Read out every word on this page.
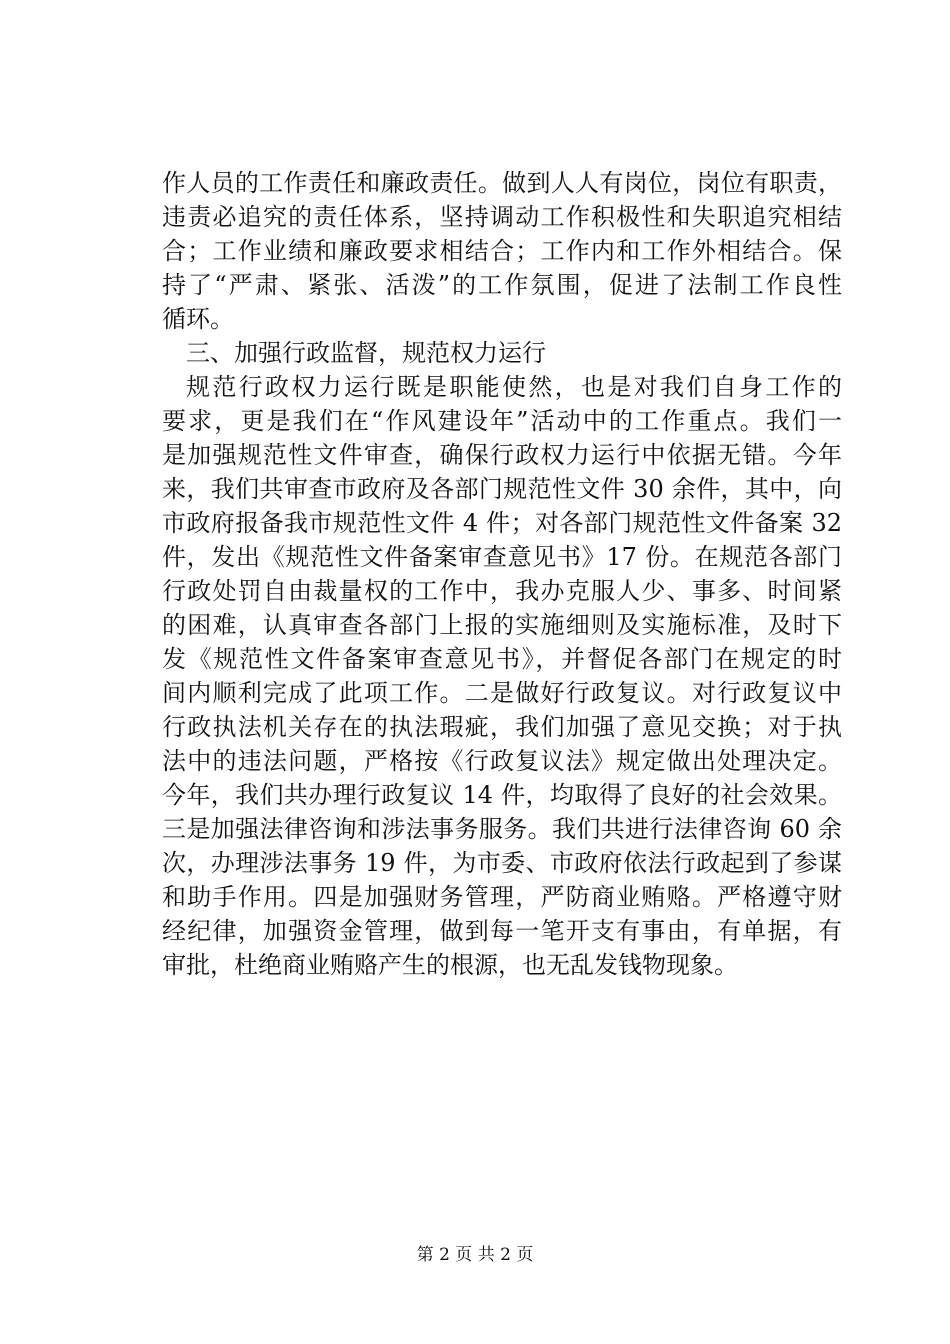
作人员的工作责任和廉政责任。做到人人有岗位，岗位有职责，
违责必追究的责任体系，坚持调动工作积极性和失职追究相结
合；工作业绩和廉政要求相结合；工作内和工作外相结合。保
持了“严肃、紧张、活泼”的工作氛围，促进了法制工作良性
循环。
三、加强行政监督，规范权力运行
规范行政权力运行既是职能使然，也是对我们自身工作的
要求，更是我们在“作风建设年”活动中的工作重点。我们一
是加强规范性文件审查，确保行政权力运行中依据无错。今年
来，我们共审查市政府及各部门规范性文件 30 余件，其中，向
市政府报备我市规范性文件 4 件；对各部门规范性文件备案 32
件，发出《规范性文件备案审查意见书》17 份。在规范各部门
行政处罚自由裁量权的工作中，我办克服人少、事多、时间紧
的困难，认真审查各部门上报的实施细则及实施标准，及时下
发《规范性文件备案审查意见书》，并督促各部门在规定的时
间内顺利完成了此项工作。二是做好行政复议。对行政复议中
行政执法机关存在的执法瑕疵，我们加强了意见交换；对于执
法中的违法问题，严格按《行政复议法》规定做出处理决定。
今年，我们共办理行政复议 14 件，均取得了良好的社会效果。
三是加强法律咨询和涉法事务服务。我们共进行法律咨询 60 余
次，办理涉法事务 19 件，为市委、市政府依法行政起到了参谋
和助手作用。四是加强财务管理，严防商业贿赂。严格遵守财
经纪律，加强资金管理，做到每一笔开支有事由，有单据，有
审批，杜绝商业贿赂产生的根源，也无乱发钱物现象。
第 2 页 共 2 页
